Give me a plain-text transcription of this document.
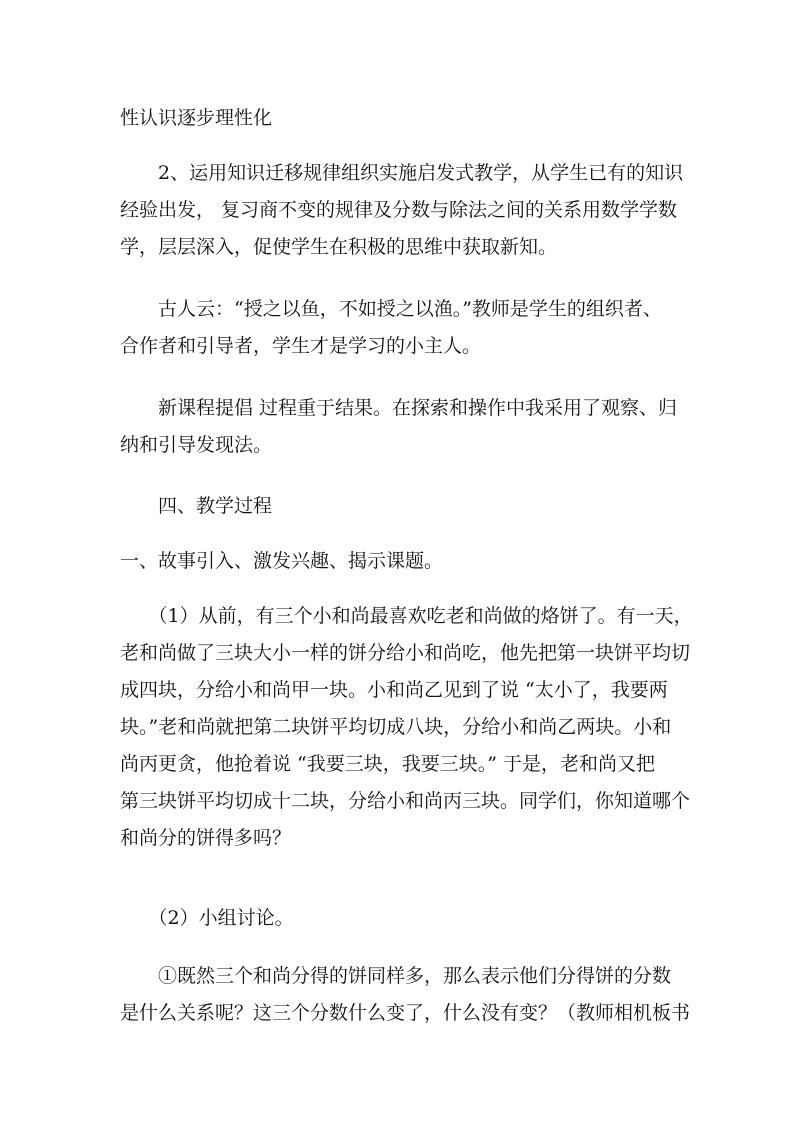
性认识逐步理性化

　　2、运用知识迁移规律组织实施启发式教学，从学生已有的知识
经验出发， 复习商不变的规律及分数与除法之间的关系用数学学数
学，层层深入，促使学生在积极的思维中获取新知。

　　古人云：“授之以鱼，不如授之以渔。”教师是学生的组织者、
合作者和引导者，学生才是学习的小主人。

　　新课程提倡 过程重于结果。在探索和操作中我采用了观察、归
纳和引导发现法。

　　四、教学过程

一、故事引入、激发兴趣、揭示课题。

　　（1）从前，有三个小和尚最喜欢吃老和尚做的烙饼了。有一天，
老和尚做了三块大小一样的饼分给小和尚吃，他先把第一块饼平均切
成四块，分给小和尚甲一块。小和尚乙见到了说 “太小了，我要两
块。”老和尚就把第二块饼平均切成八块，分给小和尚乙两块。小和
尚丙更贪，他抢着说 “我要三块，我要三块。” 于是，老和尚又把
第三块饼平均切成十二块，分给小和尚丙三块。同学们，你知道哪个
和尚分的饼得多吗？

　　（2）小组讨论。

　　①既然三个和尚分得的饼同样多，那么表示他们分得饼的分数
是什么关系呢？这三个分数什么变了，什么没有变？（教师相机板书
